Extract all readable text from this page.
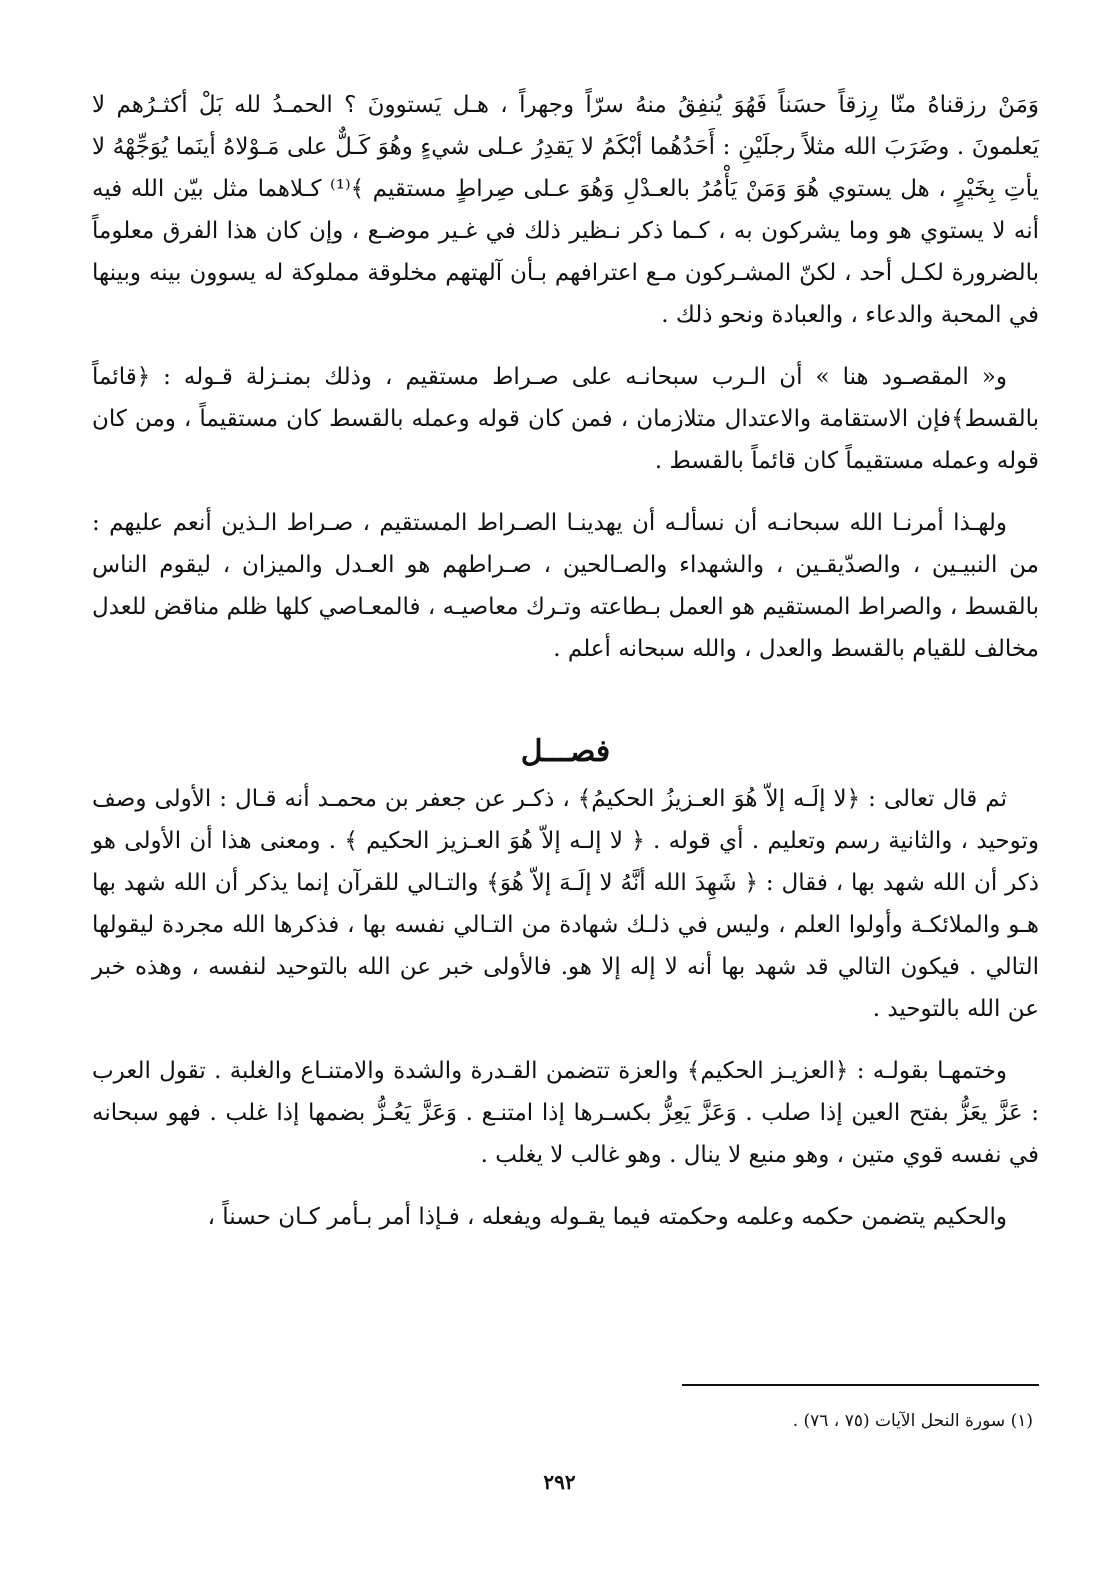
وَمَنْ رزقناهُ منّا رِزقاً حسَناً فَهُوَ يُنفِقُ منهُ سرّاً وجهراً ، هـل يَستوونَ ؟ الحمـدُ لله بَلْ أكثـرُهم لا يَعلمونَ . وضَرَبَ الله مثلاً رجلَيْنِ : أَحَدُهُما أبْكَمُ لا يَقدِرُ عـلى شيءٍ وهُوَ كَـلٌّ على مَـوْلاهُ أينَما يُوَجِّهْهُ لا يأتِ بِخَيْرٍ ، هل يستوي هُوَ وَمَنْ يَأْمُرُ بالعـدْلِ وَهُوَ عـلى صِراطٍ مستقيم ﴾⁽¹⁾ كـلاهما مثل بيّن الله فيه أنه لا يستوي هو وما يشركون به ، كـما ذكر نـظير ذلك في غـير موضـع ، وإن كان هذا الفرق معلوماً بالضرورة لكـل أحد ، لكنّ المشـركون مـع اعترافهم بـأن آلهتهم مخلوقة مملوكة له يسوون بينه وبينها في المحبة والدعاء ، والعبادة ونحو ذلك .

و« المقصـود هنا » أن الـرب سبحانـه على صـراط مستقيم ، وذلك بمنـزلة قـوله : ﴿قائماً بالقسط﴾فإن الاستقامة والاعتدال متلازمان ، فمن كان قوله وعمله بالقسط كان مستقيماً ، ومن كان قوله وعمله مستقيماً كان قائماً بالقسط .

ولهـذا أمرنـا الله سبحانـه أن نسألـه أن يهدينـا الصـراط المستقيم ، صـراط الـذين أنعم عليهم : من النبيـين ، والصدّيقـين ، والشهداء والصـالحين ، صـراطهم هو العـدل والميزان ، ليقوم الناس بالقسط ، والصراط المستقيم هو العمل بـطاعته وتـرك معاصيـه ، فالمعـاصي كلها ظلم مناقض للعدل مخالف للقيام بالقسط والعدل ، والله سبحانه أعلم .

فصـــل

ثم قال تعالى : ﴿لا إلَـه إلاّ هُوَ العـزيزُ الحكيمُ﴾ ، ذكـر عن جعفر بن محمـد أنه قـال : الأولى وصف وتوحيد ، والثانية رسم وتعليم . أي قوله . ﴿ لا إلـه إلاّ هُوَ العـزيز الحكيم ﴾ . ومعنى هذا أن الأولى هو ذكر أن الله شهد بها ، فقال : ﴿ شَهِدَ الله أنَّهُ لا إلَـهَ إلاّ هُوَ﴾ والتـالي للقرآن إنما يذكر أن الله شهد بها هـو والملائكـة وأولوا العلم ، وليس في ذلـك شهادة من التـالي نفسه بها ، فذكرها الله مجردة ليقولها التالي . فيكون التالي قد شهد بها أنه لا إله إلا هو. فالأولى خبر عن الله بالتوحيد لنفسه ، وهذه خبر عن الله بالتوحيد .

وختمهـا بقولـه : ﴿العزيـز الحكيم﴾ والعزة تتضمن القـدرة والشدة والامتنـاع والغلبة . تقول العرب : عَزَّ يعَزُّ بفتح العين إذا صلب . وَعَزَّ يَعِزُّ بكسـرها إذا امتنـع . وَعَزَّ يَعُـزُّ بضمها إذا غلب . فهو سبحانه في نفسه قوي متين ، وهو منيع لا ينال . وهو غالب لا يغلب .

والحكيم يتضمن حكمه وعلمه وحكمته فيما يقـوله ويفعله ، فـإذا أمر بـأمر كـان حسناً ،

(١) سورة النحل الآيات (٧٥ ، ٧٦) .
٢٩٢
